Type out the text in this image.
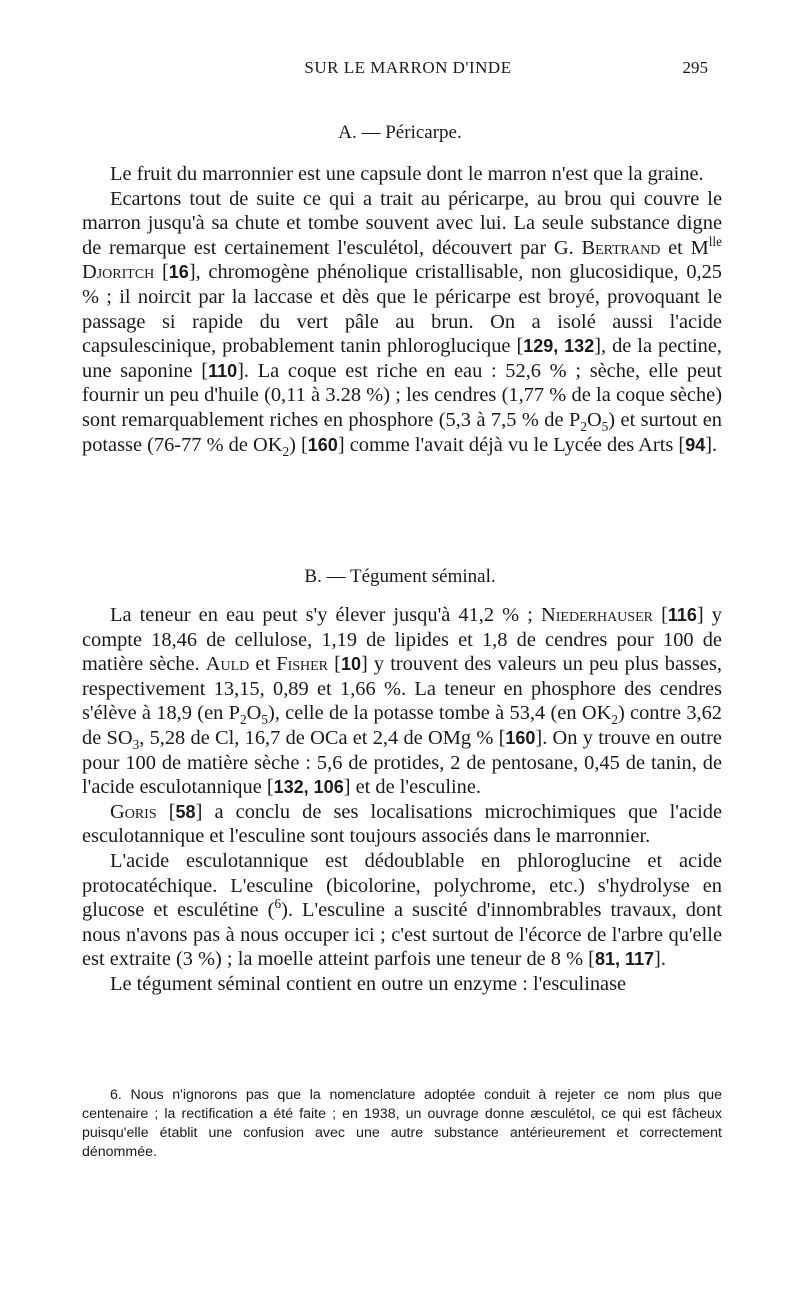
SUR LE MARRON D'INDE	295
A. — Péricarpe.

Le fruit du marronnier est une capsule dont le marron n'est que la graine.

Ecartons tout de suite ce qui a trait au péricarpe, au brou qui couvre le marron jusqu'à sa chute et tombe souvent avec lui. La seule substance digne de remarque est certainement l'esculétol, découvert par G. Bertrand et $M^{lle}$ Djoritch [16], chromogène phénolique cristallisable, non glucosidique, 0,25 % ; il noircit par la laccase et dès que le péricarpe est broyé, provoquant le passage si rapide du vert pâle au brun. On a isolé aussi l'acide capsulescinique, probablement tanin phloroglucique [129, 132], de la pectine, une saponine [110]. La coque est riche en eau : 52,6 % ; sèche, elle peut fournir un peu d'huile (0,11 à 3.28 %) ; les cendres (1,77 % de la coque sèche) sont remarquablement riches en phosphore (5,3 à 7,5 % de $P_2O_5$) et surtout en potasse (76-77 % de $OK_2$) [160] comme l'avait déjà vu le Lycée des Arts [94].

B. — Tégument séminal.

La teneur en eau peut s'y élever jusqu'à 41,2 % ; Niederhauser [116] y compte 18,46 de cellulose, 1,19 de lipides et 1,8 de cendres pour 100 de matière sèche. Auld et Fisher [10] y trouvent des valeurs un peu plus basses, respectivement 13,15, 0,89 et 1,66 %. La teneur en phosphore des cendres s'élève à 18,9 (en $P_2O_5$), celle de la potasse tombe à 53,4 (en $OK_2$) contre 3,62 de $SO_3$, 5,28 de Cl, 16,7 de OCa et 2,4 de OMg % [160]. On y trouve en outre pour 100 de matière sèche : 5,6 de protides, 2 de pentosane, 0,45 de tanin, de l'acide esculotannique [132, 106] et de l'esculine.

Goris [58] a conclu de ses localisations microchimiques que l'acide esculotannique et l'esculine sont toujours associés dans le marronnier.

L'acide esculotannique est dédoublable en phloroglucine et acide protocatéchique. L'esculine (bicolorine, polychrome, etc.) s'hydrolyse en glucose et esculétine ($^6$). L'esculine a suscité d'innombrables travaux, dont nous n'avons pas à nous occuper ici ; c'est surtout de l'écorce de l'arbre qu'elle est extraite (3 %) ; la moelle atteint parfois une teneur de 8 % [81, 117].

Le tégument séminal contient en outre un enzyme : l'esculinase

6. Nous n'ignorons pas que la nomenclature adoptée conduit à rejeter ce nom plus que centenaire ; la rectification a été faite ; en 1938, un ouvrage donne æsculétol, ce qui est fâcheux puisqu'elle établit une confusion avec une autre substance antérieurement et correctement dénommée.
